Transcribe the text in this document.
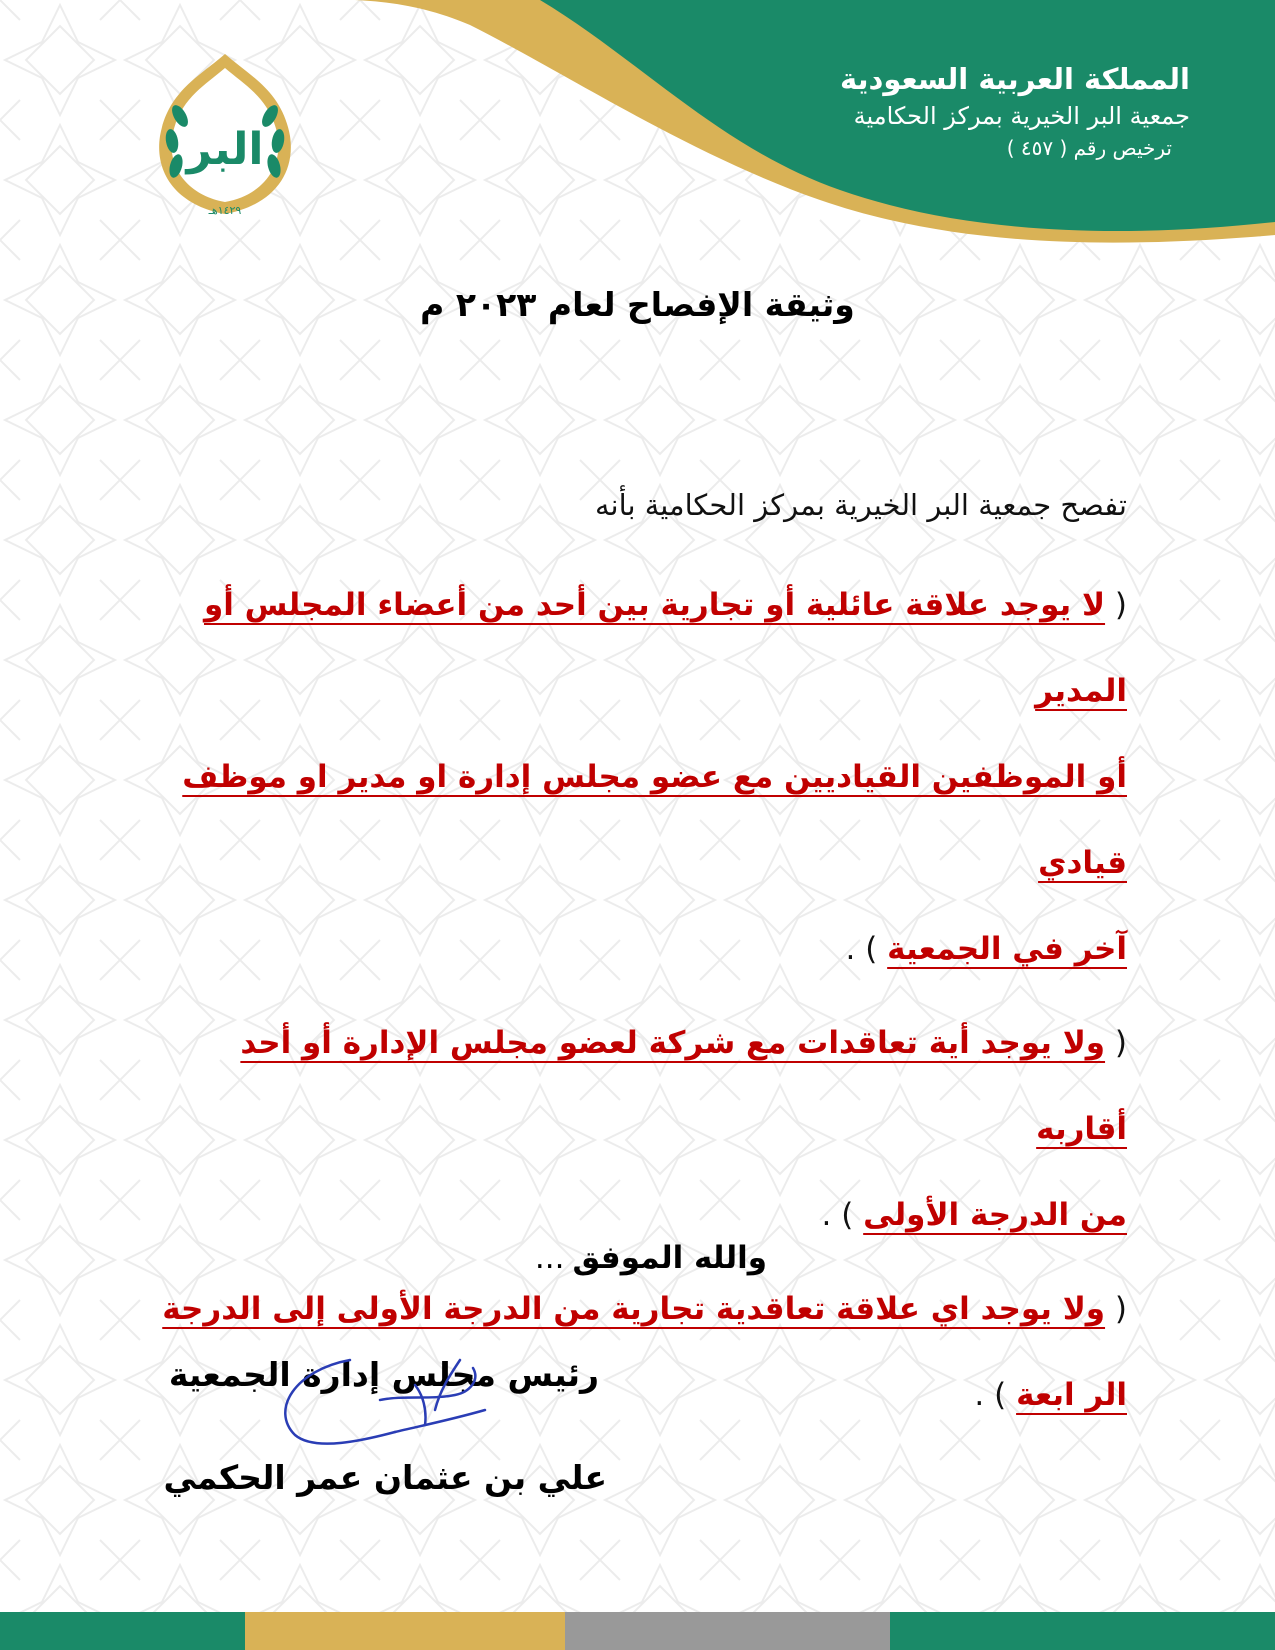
المملكة العربية السعودية
جمعية البر الخيرية بمركز الحكامية
ترخيص رقم ( ٤٥٧ )
البر
١٤٢٩هـ
وثيقة الإفصاح لعام ٢٠٢٣ م

تفصح جمعية البر الخيرية بمركز الحكامية بأنه

( لا يوجد علاقة عائلية أو تجارية بين أحد من أعضاء المجلس أو المدير
أو الموظفين القياديين مع عضو مجلس إدارة او مدير او موظف قيادي
آخر في الجمعية ) .

( ولا يوجد أية تعاقدات مع شركة لعضو مجلس الإدارة أو أحد أقاربه
من الدرجة الأولى ) .

( ولا يوجد اي علاقة تعاقدية تجارية من الدرجة الأولى إلى الدرجة
الر ابعة ) .

والله الموفق...
رئيس مجلس إدارة الجمعية
علي بن عثمان عمر الحكمي
